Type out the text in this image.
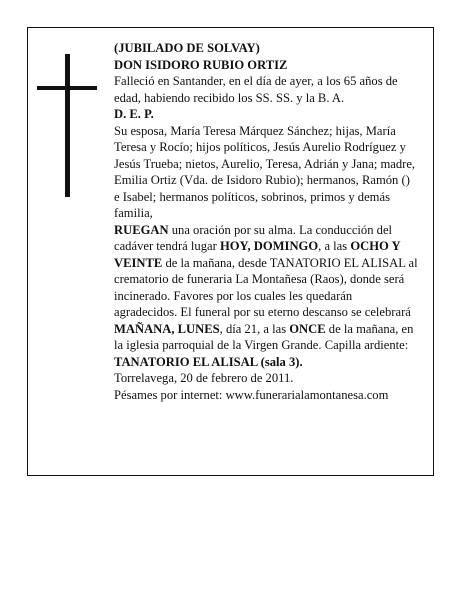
(JUBILADO DE SOLVAY)

DON ISIDORO RUBIO ORTIZ

Falleció en Santander, en el día de ayer, a los 65 años de edad, habiendo recibido los SS. SS. y la B. A.

D. E. P.

Su esposa, María Teresa Márquez Sánchez; hijas, María Teresa y Rocío; hijos políticos, Jesús Aurelio Rodríguez y Jesús Trueba; nietos, Aurelio, Teresa, Adrián y Jana; madre, Emilia Ortiz (Vda. de Isidoro Rubio); hermanos, Ramón () e Isabel; hermanos políticos, sobrinos, primos y demás familia,

RUEGAN una oración por su alma. La conducción del cadáver tendrá lugar HOY, DOMINGO, a las OCHO Y VEINTE de la mañana, desde TANATORIO EL ALISAL al crematorio de funeraria La Montañesa (Raos), donde será incinerado. Favores por los cuales les quedarán agradecidos. El funeral por su eterno descanso se celebrará MAÑANA, LUNES, día 21, a las ONCE de la mañana, en la iglesia parroquial de la Virgen Grande. Capilla ardiente: TANATORIO EL ALISAL (sala 3).

Torrelavega, 20 de febrero de 2011.

Pésames por internet: www.funerarialamontanesa.com
